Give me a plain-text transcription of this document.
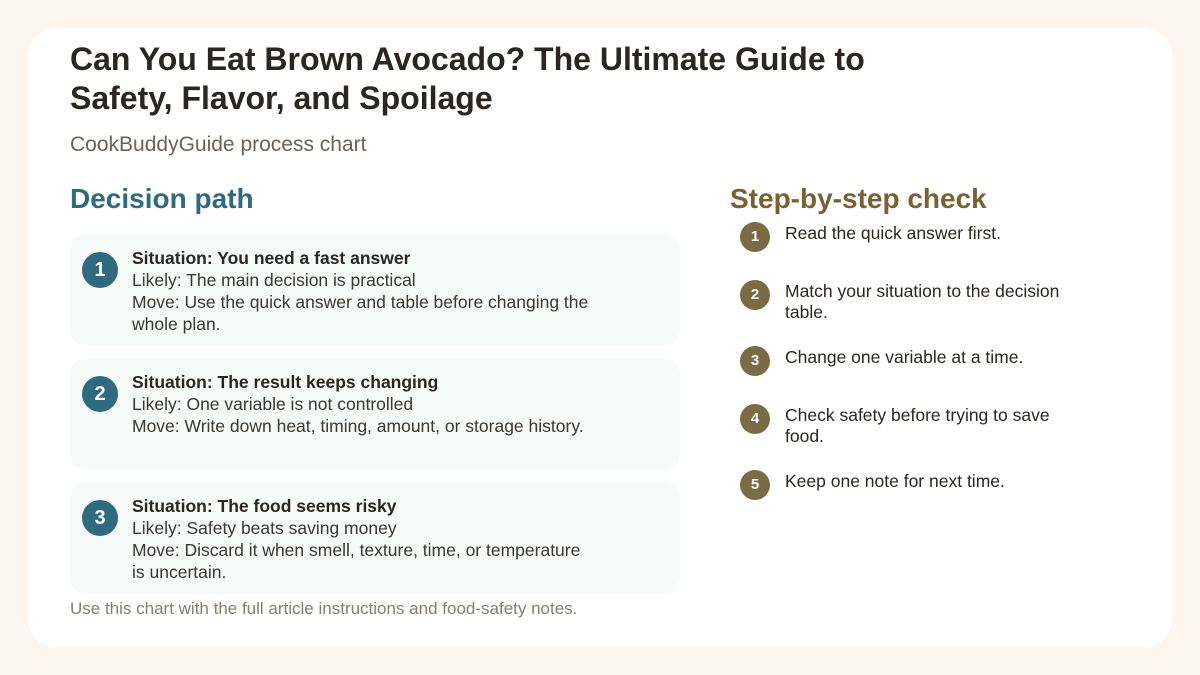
Can You Eat Brown Avocado? The Ultimate Guide to Safety, Flavor, and Spoilage

CookBuddyGuide process chart

Decision path
1
Situation: You need a fast answer
Likely: The main decision is practical
Move: Use the quick answer and table before changing the whole plan.
2
Situation: The result keeps changing
Likely: One variable is not controlled
Move: Write down heat, timing, amount, or storage history.
3
Situation: The food seems risky
Likely: Safety beats saving money
Move: Discard it when smell, texture, time, or temperature is uncertain.
Step-by-step check
1	Read the quick answer first.
2	Match your situation to the decision table.
3	Change one variable at a time.
4	Check safety before trying to save food.
5	Keep one note for next time.

Use this chart with the full article instructions and food-safety notes.
